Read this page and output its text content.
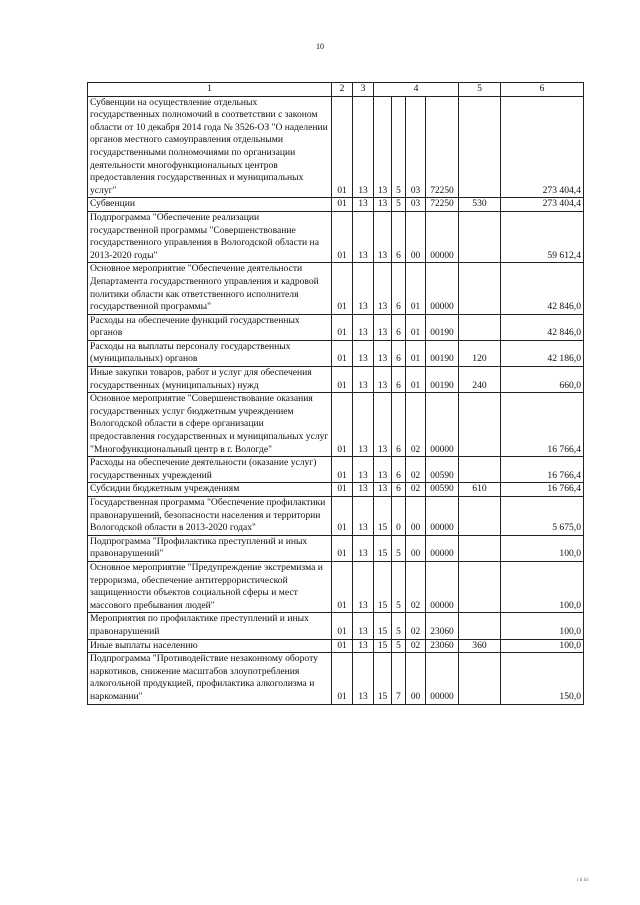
10
1	2	3	4				5	6
Субвенции на осуществление отдельных государственных полномочий в соответствии с законом области от 10 декабря 2014 года № 3526-ОЗ "О наделении органов местного самоуправления отдельными государственными полномочиями по организации деятельности многофункциональных центров предоставления государственных и муниципальных услуг"	01	13	13	5	03	72250		273 404,4
Субвенции	01	13	13	5	03	72250	530	273 404,4
Подпрограмма "Обеспечение реализации государственной программы "Совершенствование государственного управления в Вологодской области на 2013-2020 годы"	01	13	13	6	00	00000		59 612,4
Основное мероприятие "Обеспечение деятельности Департамента государственного управления и кадровой политики области как ответственного исполнителя государственной программы"	01	13	13	6	01	00000		42 846,0
Расходы на обеспечение функций государственных органов	01	13	13	6	01	00190		42 846,0
Расходы на выплаты персоналу государственных (муниципальных) органов	01	13	13	6	01	00190	120	42 186,0
Иные закупки товаров, работ и услуг для обеспечения государственных (муниципальных) нужд	01	13	13	6	01	00190	240	660,0
Основное мероприятие "Совершенствование оказания государственных услуг бюджетным учреждением Вологодской области в сфере организации предоставления государственных и муниципальных услуг "Многофункциональный центр в г. Вологде"	01	13	13	6	02	00000		16 766,4
Расходы на обеспечение деятельности (оказание услуг) государственных учреждений	01	13	13	6	02	00590		16 766,4
Субсидии бюджетным учреждениям	01	13	13	6	02	00590	610	16 766,4
Государственная программа "Обеспечение профилактики правонарушений, безопасности населения и территории Вологодской области в 2013-2020 годах"	01	13	15	0	00	00000		5 675,0
Подпрограмма "Профилактика преступлений и иных правонарушений"	01	13	15	5	00	00000		100,0
Основное мероприятие "Предупреждение экстремизма и терроризма, обеспечение антитеррористической защищенности объектов социальной сферы и мест массового пребывания людей"	01	13	15	5	02	00000		100,0
Мероприятия по профилактике преступлений и иных правонарушений	01	13	15	5	02	23060		100,0
Иные выплаты населению	01	13	15	5	02	23060	360	100,0
Подпрограмма "Противодействие незаконному обороту наркотиков, снижение масштабов злоупотребления алкогольной продукцией, профилактика алкоголизма и наркомании"	01	13	15	7	00	00000		150,0
i ii iii
